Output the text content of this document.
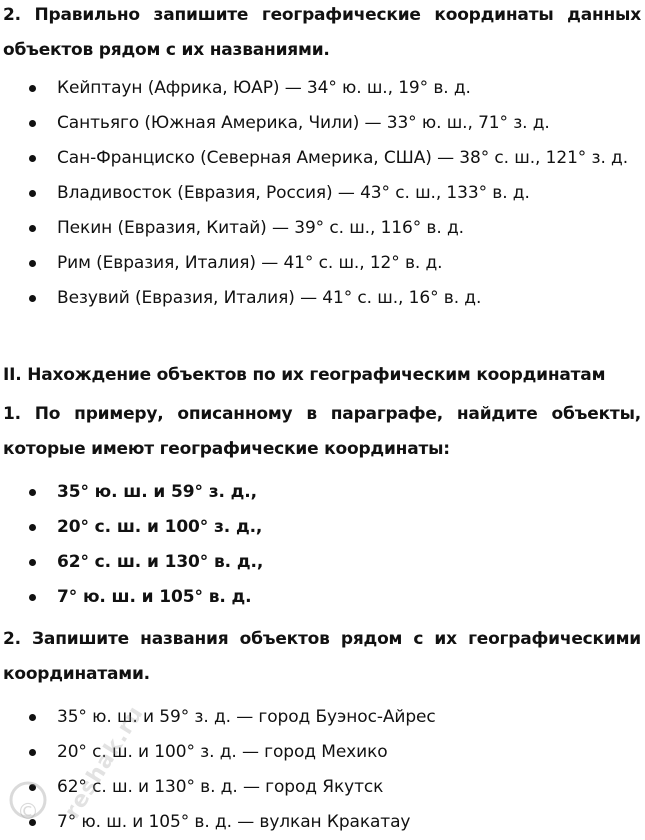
2. Правильно запишите географические координаты данных объектов рядом с их названиями.
Кейптаун (Африка, ЮАР) — 34° ю. ш., 19° в. д.
Сантьяго (Южная Америка, Чили) — 33° ю. ш., 71° з. д.
Сан-Франциско (Северная Америка, США) — 38° с. ш., 121° з. д.
Владивосток (Евразия, Россия) — 43° с. ш., 133° в. д.
Пекин (Евразия, Китай) — 39° с. ш., 116° в. д.
Рим (Евразия, Италия) — 41° с. ш., 12° в. д.
Везувий (Евразия, Италия) — 41° с. ш., 16° в. д.
II. Нахождение объектов по их географическим координатам
1. По примеру, описанному в параграфе, найдите объекты, которые имеют географические координаты:
35° ю. ш. и 59° з. д.,
20° с. ш. и 100° з. д.,
62° с. ш. и 130° в. д.,
7° ю. ш. и 105° в. д.
2. Запишите названия объектов рядом с их географическими координатами.
35° ю. ш. и 59° з. д. — город Буэнос-Айрес
20° с. ш. и 100° з. д. — город Мехико
62° с. ш. и 130° в. д. — город Якутск
7° ю. ш. и 105° в. д. — вулкан Кракатау
reshak.ru
©
